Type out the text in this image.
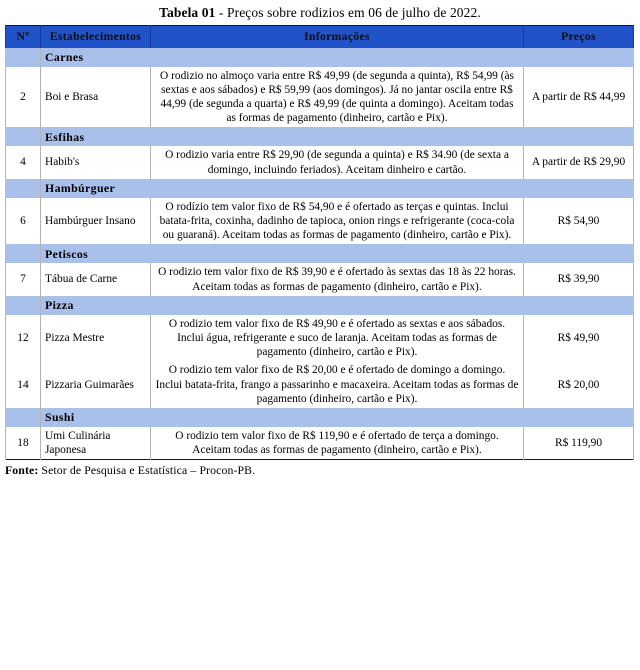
Tabela 01 - Preços sobre rodizios em 06 de julho de 2022.
Nº	Estabelecimentos	Informações	Preços
	Carnes		
2	Boi e Brasa	O rodizio no almoço varia entre R$ 49,99 (de segunda a quinta), R$ 54,99 (às sextas e aos sábados) e R$ 59,99 (aos domingos). Já no jantar oscila entre R$ 44,99 (de segunda a quarta) e R$ 49,99 (de quinta a domingo). Aceitam todas as formas de pagamento (dinheiro, cartão e Pix).	A partir de R$ 44,99
	Esfihas		
4	Habib's	O rodizio varia entre R$ 29,90 (de segunda a quinta) e R$ 34.90 (de sexta a domingo, incluindo feriados). Aceitam dinheiro e cartão.	A partir de R$ 29,90
	Hambúrguer		
6	Hambúrguer Insano	O rodízio tem valor fixo de R$ 54,90 e é ofertado as terças e quintas. Inclui batata-frita, coxinha, dadinho de tapioca, onion rings e refrigerante (coca-cola ou guaraná). Aceitam todas as formas de pagamento (dinheiro, cartão e Pix).	R$ 54,90
	Petiscos		
7	Tábua de Carne	O rodizio tem valor fixo de R$ 39,90 e é ofertado às sextas das 18 às 22 horas. Aceitam todas as formas de pagamento (dinheiro, cartão e Pix).	R$ 39,90
	Pizza		
12	Pizza Mestre	O rodizio tem valor fixo de R$ 49,90 e é ofertado as sextas e aos sábados. Inclui água, refrigerante e suco de laranja. Aceitam todas as formas de pagamento (dinheiro, cartão e Pix).	R$ 49,90
14	Pizzaria Guimarães	O rodizio tem valor fixo de R$ 20,00 e é ofertado de domingo a domingo. Inclui batata-frita, frango a passarinho e macaxeira. Aceitam todas as formas de pagamento (dinheiro, cartão e Pix).	R$ 20,00
	Sushi		
18	Umi Culinária Japonesa	O rodizio tem valor fixo de R$ 119,90 e é ofertado de terça a domingo. Aceitam todas as formas de pagamento (dinheiro, cartão e Pix).	R$ 119,90
Fonte: Setor de Pesquisa e Estatística – Procon-PB.
